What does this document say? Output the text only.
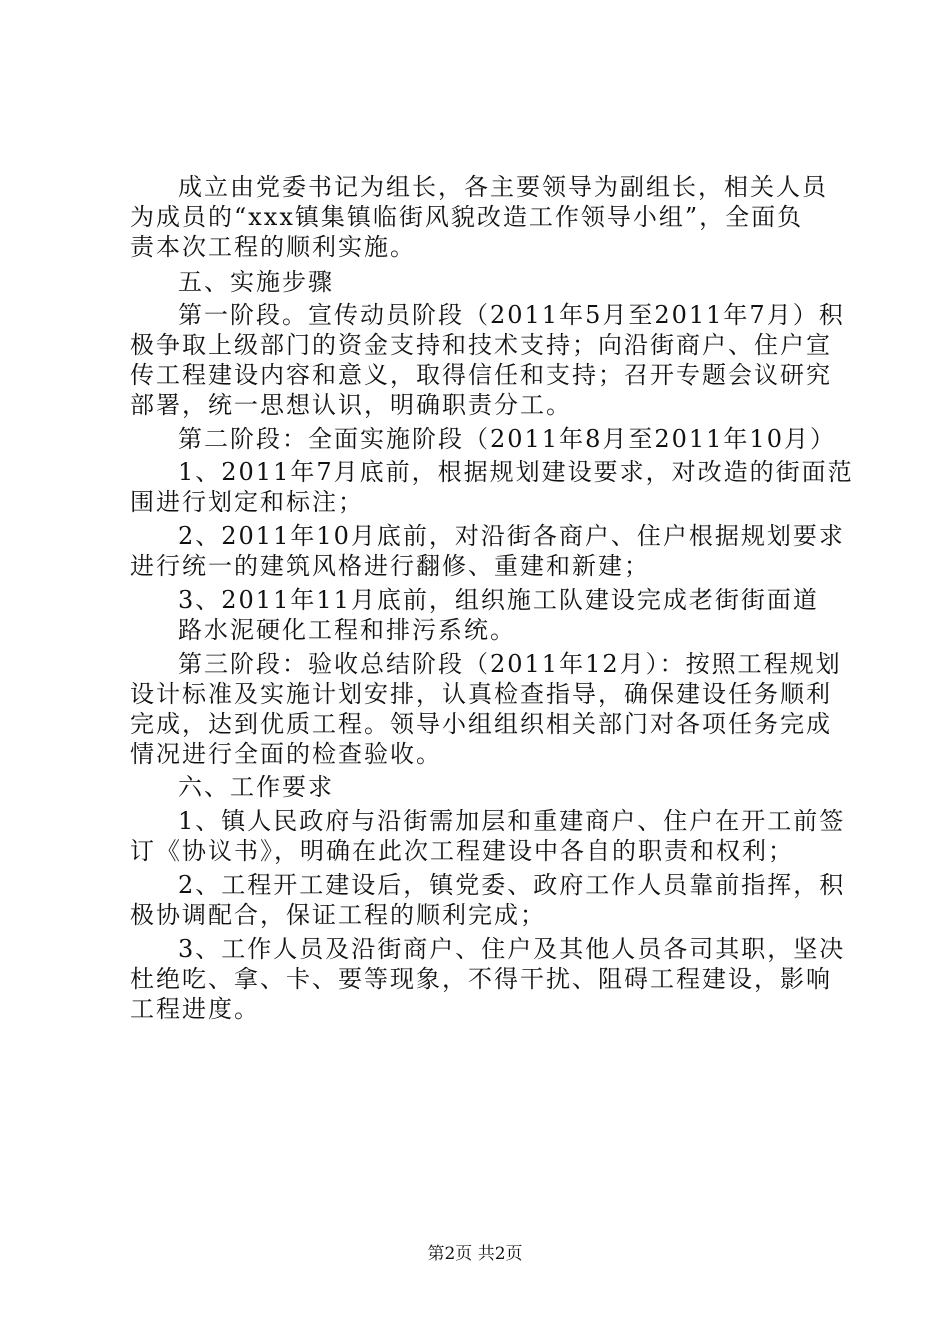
成立由党委书记为组长，各主要领导为副组长，相关人员
为成员的“xxx镇集镇临街风貌改造工作领导小组”，全面负
责本次工程的顺利实施。
五、实施步骤
第一阶段。宣传动员阶段（2011年5月至2011年7月）积
极争取上级部门的资金支持和技术支持；向沿街商户、住户宣
传工程建设内容和意义，取得信任和支持；召开专题会议研究
部署，统一思想认识，明确职责分工。
第二阶段：全面实施阶段（2011年8月至2011年10月）
1、2011年7月底前，根据规划建设要求，对改造的街面范
围进行划定和标注；
2、2011年10月底前，对沿街各商户、住户根据规划要求
进行统一的建筑风格进行翻修、重建和新建；
3、2011年11月底前，组织施工队建设完成老街街面道
路水泥硬化工程和排污系统。
第三阶段：验收总结阶段（2011年12月）：按照工程规划
设计标准及实施计划安排，认真检查指导，确保建设任务顺利
完成，达到优质工程。领导小组组织相关部门对各项任务完成
情况进行全面的检查验收。
六、工作要求
1、镇人民政府与沿街需加层和重建商户、住户在开工前签
订《协议书》，明确在此次工程建设中各自的职责和权利；
2、工程开工建设后，镇党委、政府工作人员靠前指挥，积
极协调配合，保证工程的顺利完成；
3、工作人员及沿街商户、住户及其他人员各司其职，坚决
杜绝吃、拿、卡、要等现象，不得干扰、阻碍工程建设，影响
工程进度。
第2页 共2页
